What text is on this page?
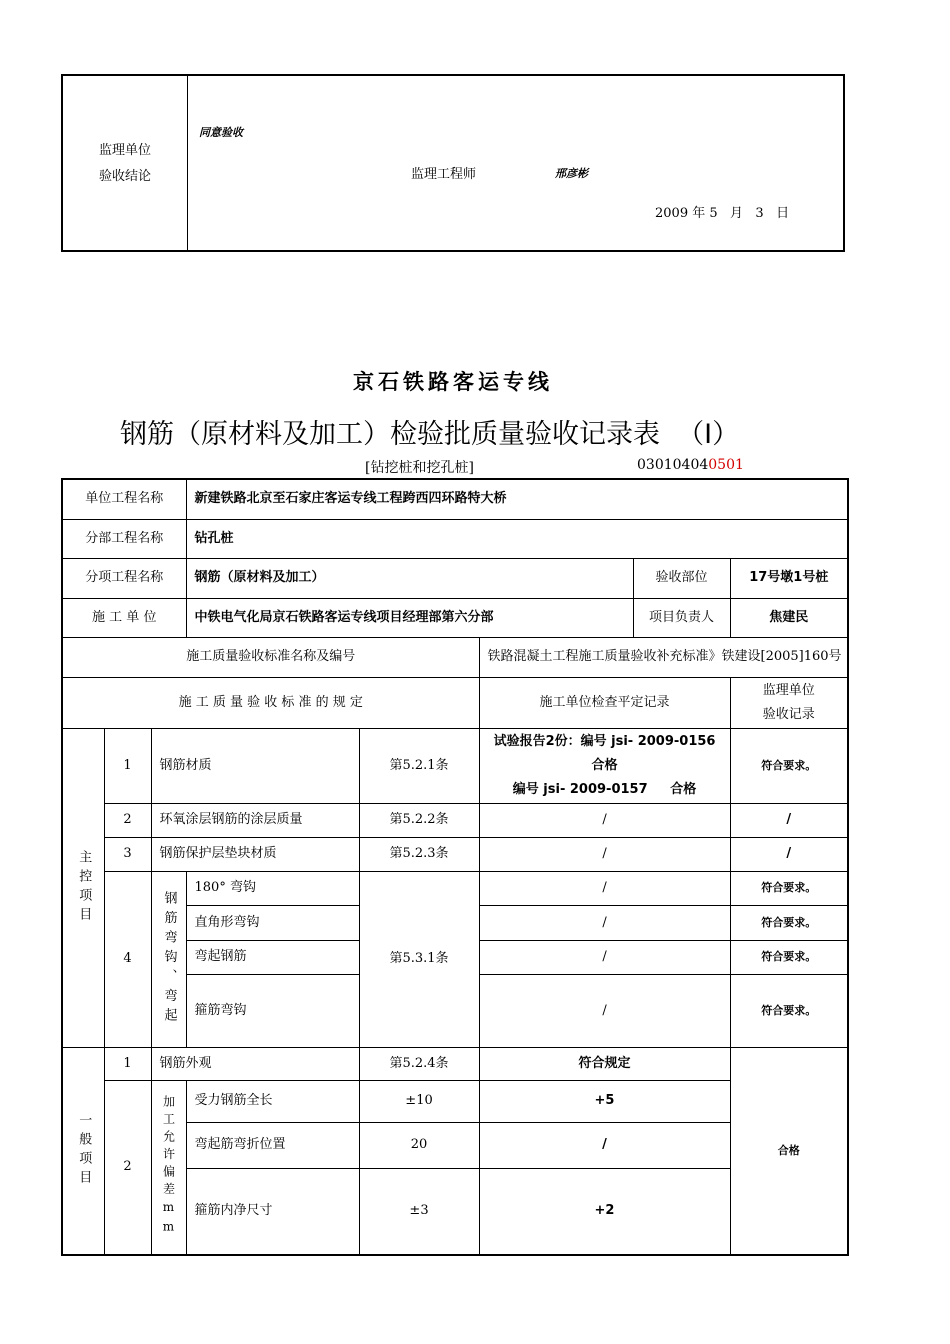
监理单位
验收结论
同意验收
监理工程师	邢彦彬
2009 年 5   月   3   日
京石铁路客运专线
钢筋（原材料及加工）检验批质量验收记录表  （Ⅰ）
[钻挖桩和挖孔桩]	030104040501
单位工程名称			新建铁路北京至石家庄客运专线工程跨西四环路特大桥				
分部工程名称			钻孔桩				
分项工程名称			钢筋（原材料及加工）			验收部位	17号墩1号桩
施 工 单 位			中铁电气化局京石铁路客运专线项目经理部第六分部			项目负责人	焦建民
施工质量验收标准名称及编号					铁路混凝土工程施工质量验收补充标准》铁建设[2005]160号		
施 工 质 量 验 收 标 准 的 规 定					施工单位检查平定记录		监理单位
验收记录

主控项目	1	钢筋材质		第5.2.1条	试验报告2份：编号 jsi- 2009-0156
合格
编号 jsi- 2009-0157     合格		符合要求。
	2	环氧涂层钢筋的涂层质量		第5.2.2条	/		/
	3	钢筋保护层垫块材质		第5.2.3条	/		/
	4	钢筋弯钩、弯起	180° 弯钩	第5.3.1条	/		符合要求。
			直角形弯钩		/		符合要求。
			弯起钢筋		/		符合要求。
			箍筋弯钩		/		符合要求。

一般项目	1	钢筋外观		第5.2.4条	符合规定		合格
	2	加工允许偏差mm	受力钢筋全长	±10	+5		
			弯起筋弯折位置	20	/		
			箍筋内净尺寸	±3	+2		
